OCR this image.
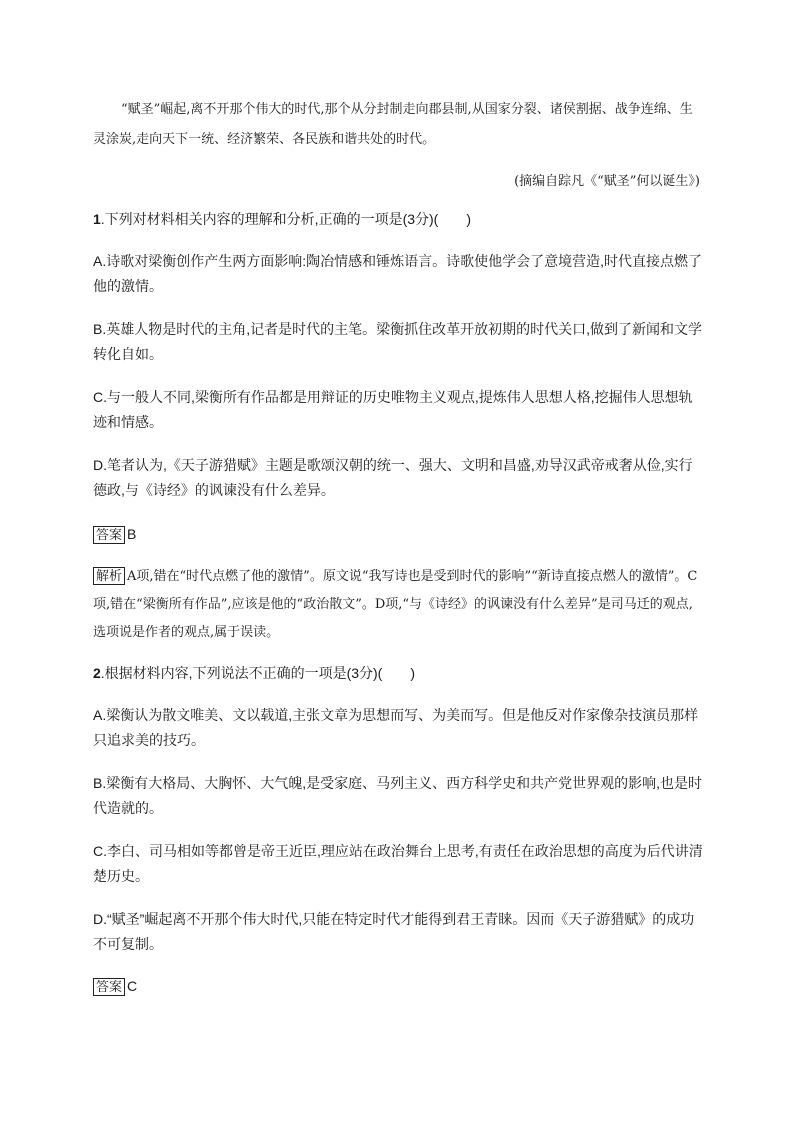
“赋圣”崛起,离不开那个伟大的时代,那个从分封制走向郡县制,从国家分裂、诸侯割据、战争连绵、生灵涂炭,走向天下一统、经济繁荣、各民族和谐共处的时代。

(摘编自踪凡《“赋圣”何以诞生》)
1.下列对材料相关内容的理解和分析,正确的一项是(3分)(　　)
A.诗歌对梁衡创作产生两方面影响:陶冶情感和锤炼语言。诗歌使他学会了意境营造,时代直接点燃了他的激情。
B.英雄人物是时代的主角,记者是时代的主笔。梁衡抓住改革开放初期的时代关口,做到了新闻和文学转化自如。
C.与一般人不同,梁衡所有作品都是用辩证的历史唯物主义观点,提炼伟人思想人格,挖掘伟人思想轨迹和情感。
D.笔者认为,《天子游猎赋》主题是歌颂汉朝的统一、强大、文明和昌盛,劝导汉武帝戒奢从俭,实行德政,与《诗经》的讽谏没有什么差异。
答案 B
解析 A项,错在“时代点燃了他的激情”。原文说“我写诗也是受到时代的影响”“新诗直接点燃人的激情”。C项,错在“梁衡所有作品”,应该是他的“政治散文”。D项,“与《诗经》的讽谏没有什么差异”是司马迁的观点,选项说是作者的观点,属于误读。
2.根据材料内容,下列说法不正确的一项是(3分)(　　)
A.梁衡认为散文唯美、文以载道,主张文章为思想而写、为美而写。但是他反对作家像杂技演员那样只追求美的技巧。
B.梁衡有大格局、大胸怀、大气魄,是受家庭、马列主义、西方科学史和共产党世界观的影响,也是时代造就的。
C.李白、司马相如等都曾是帝王近臣,理应站在政治舞台上思考,有责任在政治思想的高度为后代讲清楚历史。
D.“赋圣”崛起离不开那个伟大时代,只能在特定时代才能得到君王青睐。因而《天子游猎赋》的成功不可复制。
答案 C
